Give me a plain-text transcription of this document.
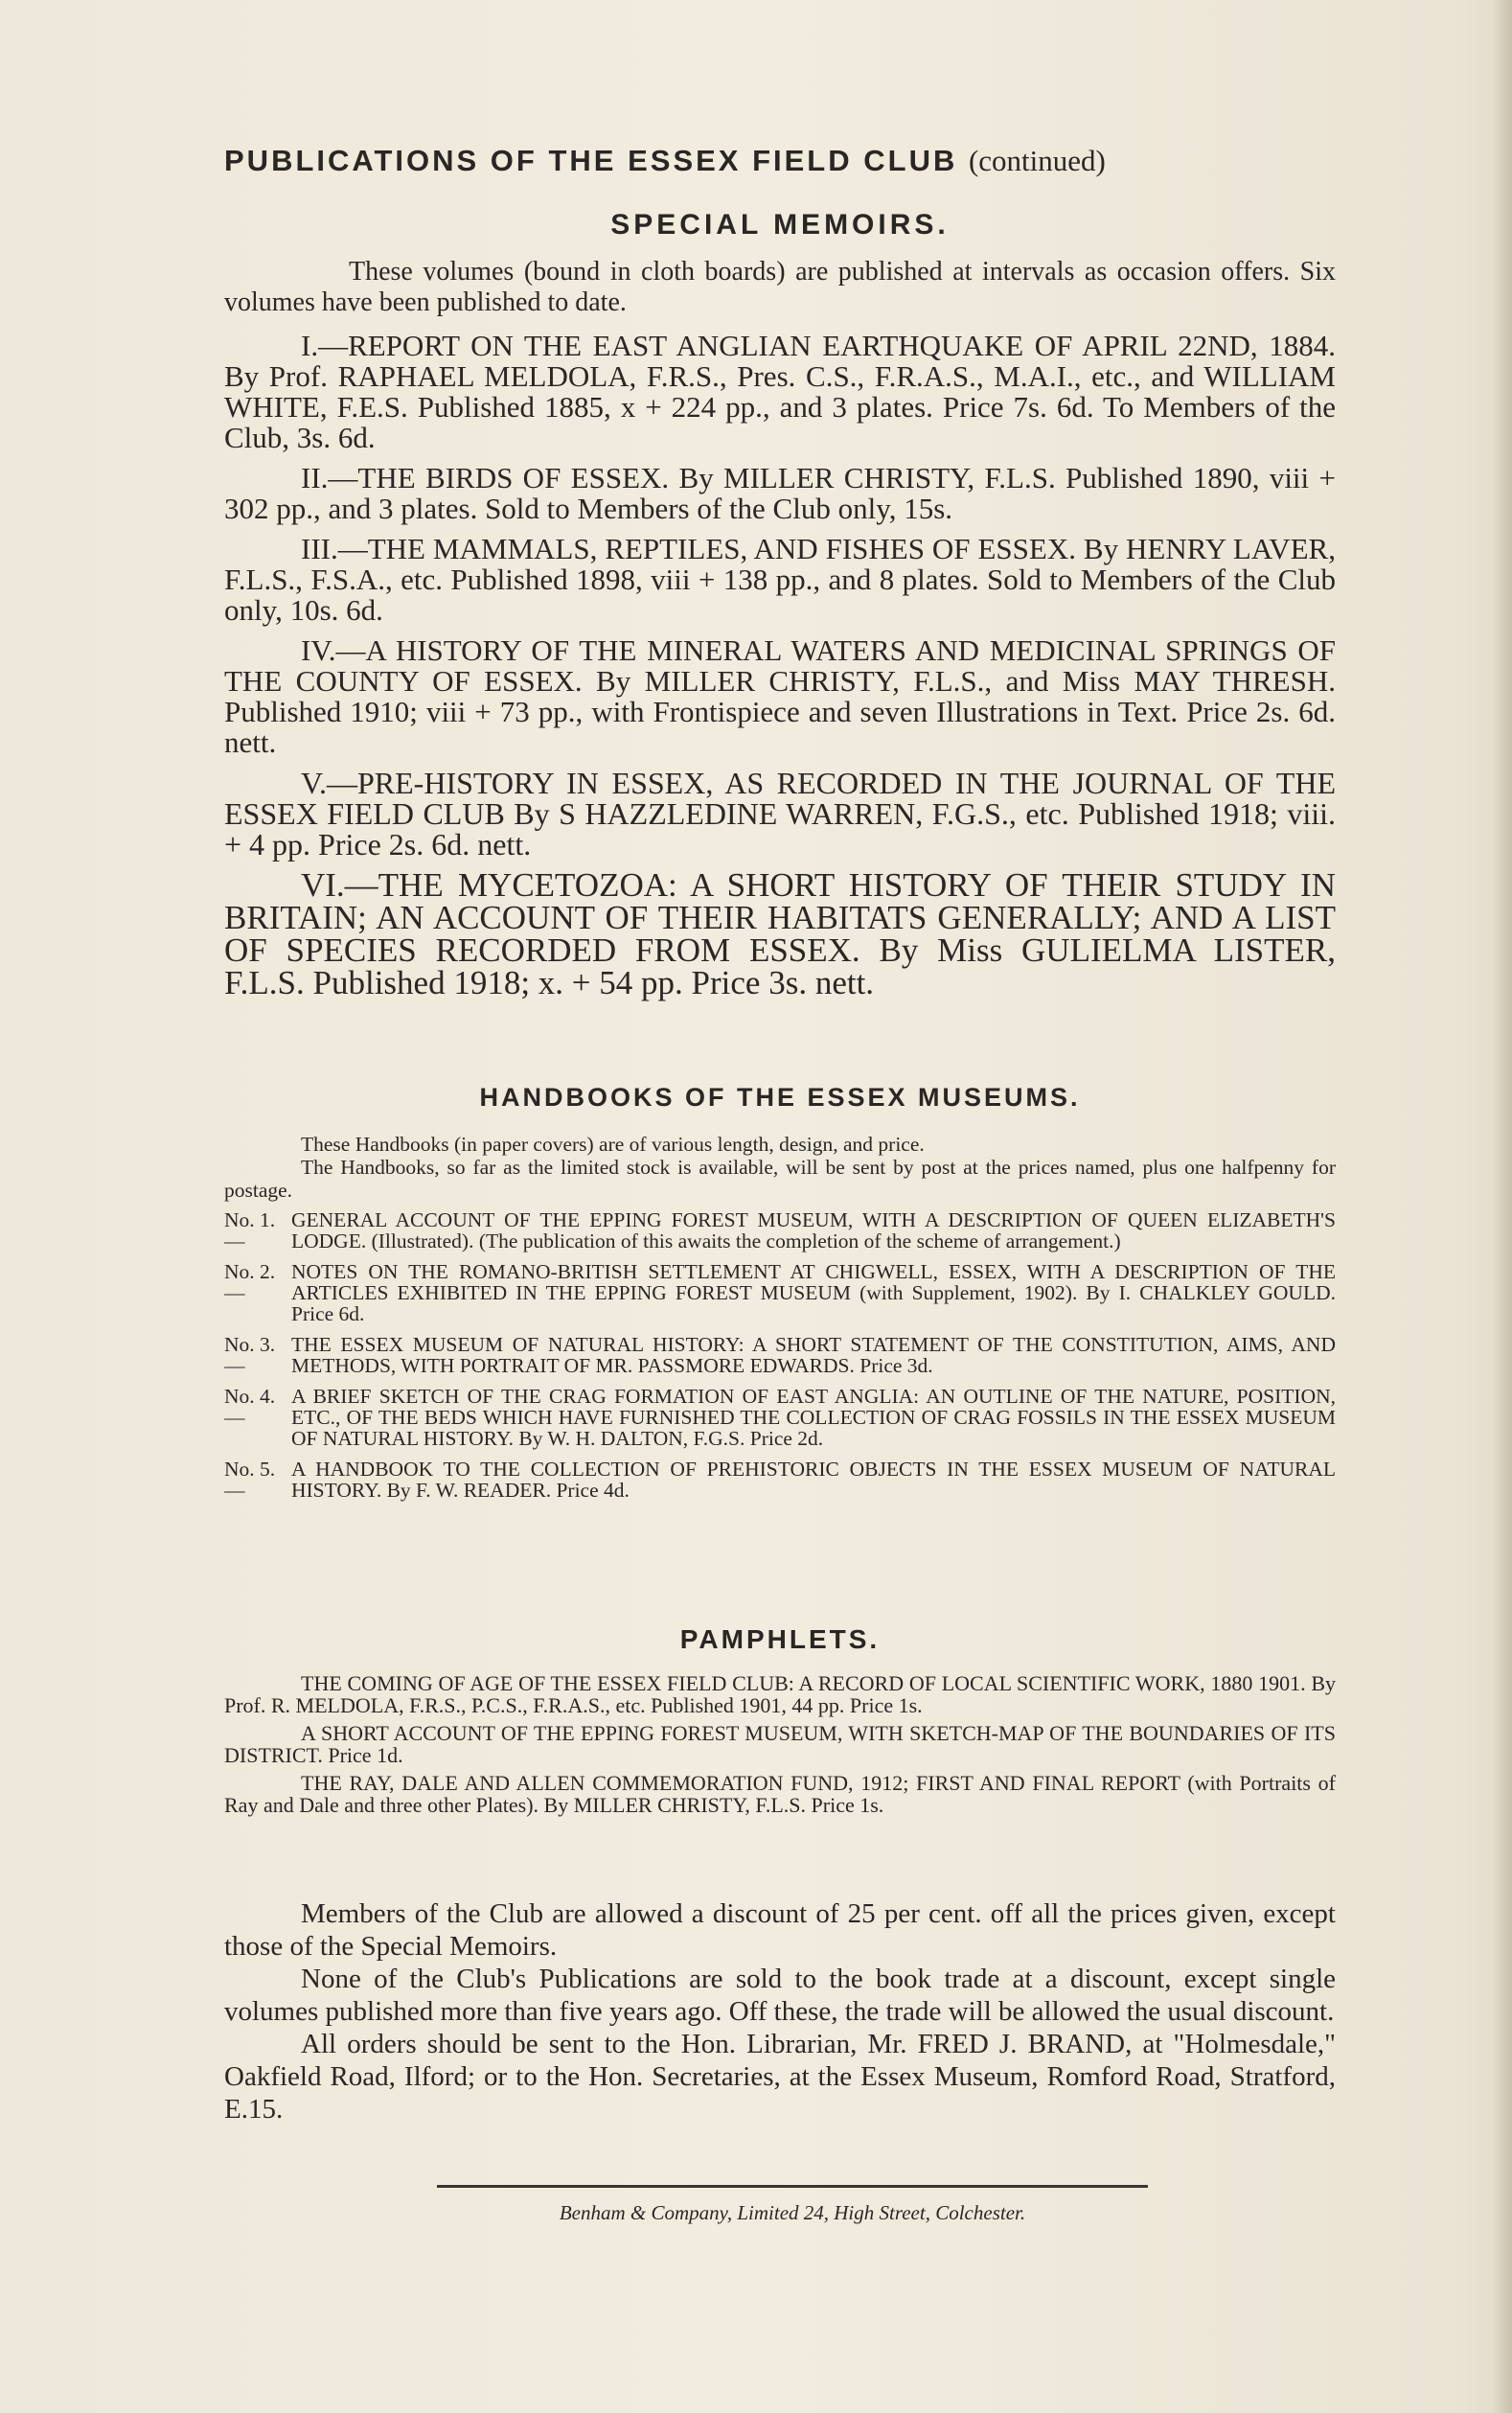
PUBLICATIONS OF THE ESSEX FIELD CLUB (continued)
SPECIAL MEMOIRS.

These volumes (bound in cloth boards) are published at intervals as occasion offers. Six volumes have been published to date.

I.—REPORT ON THE EAST ANGLIAN EARTHQUAKE OF APRIL 22ND, 1884. By Prof. RAPHAEL MELDOLA, F.R.S., Pres. C.S., F.R.A.S., M.A.I., etc., and WILLIAM WHITE, F.E.S. Published 1885, x + 224 pp., and 3 plates. Price 7s. 6d. To Members of the Club, 3s. 6d.

II.—THE BIRDS OF ESSEX. By MILLER CHRISTY, F.L.S. Published 1890, viii + 302 pp., and 3 plates. Sold to Members of the Club only, 15s.

III.—THE MAMMALS, REPTILES, AND FISHES OF ESSEX. By HENRY LAVER, F.L.S., F.S.A., etc. Published 1898, viii + 138 pp., and 8 plates. Sold to Members of the Club only, 10s. 6d.

IV.—A HISTORY OF THE MINERAL WATERS AND MEDICINAL SPRINGS OF THE COUNTY OF ESSEX. By MILLER CHRISTY, F.L.S., and Miss MAY THRESH. Published 1910; viii + 73 pp., with Frontispiece and seven Illustrations in Text. Price 2s. 6d. nett.

V.—PRE-HISTORY IN ESSEX, AS RECORDED IN THE JOURNAL OF THE ESSEX FIELD CLUB By S HAZZLEDINE WARREN, F.G.S., etc. Published 1918; viii. + 4 pp. Price 2s. 6d. nett.

VI.—THE MYCETOZOA: A SHORT HISTORY OF THEIR STUDY IN BRITAIN; AN ACCOUNT OF THEIR HABITATS GENERALLY; AND A LIST OF SPECIES RECORDED FROM ESSEX. By Miss GULIELMA LISTER, F.L.S. Published 1918; x. + 54 pp. Price 3s. nett.

HANDBOOKS OF THE ESSEX MUSEUMS.

These Handbooks (in paper covers) are of various length, design, and price.

The Handbooks, so far as the limited stock is available, will be sent by post at the prices named, plus one halfpenny for postage.

No. 1.—
GENERAL ACCOUNT OF THE EPPING FOREST MUSEUM, WITH A DESCRIPTION OF QUEEN ELIZABETH'S LODGE. (Illustrated). (The publication of this awaits the completion of the scheme of arrangement.)
No. 2.—
NOTES ON THE ROMANO-BRITISH SETTLEMENT AT CHIGWELL, ESSEX, WITH A DESCRIPTION OF THE ARTICLES EXHIBITED IN THE EPPING FOREST MUSEUM (with Supplement, 1902). By I. CHALKLEY GOULD. Price 6d.
No. 3.—
THE ESSEX MUSEUM OF NATURAL HISTORY: A SHORT STATEMENT OF THE CONSTITUTION, AIMS, AND METHODS, WITH PORTRAIT OF MR. PASSMORE EDWARDS. Price 3d.
No. 4.—
A BRIEF SKETCH OF THE CRAG FORMATION OF EAST ANGLIA: AN OUTLINE OF THE NATURE, POSITION, ETC., OF THE BEDS WHICH HAVE FURNISHED THE COLLECTION OF CRAG FOSSILS IN THE ESSEX MUSEUM OF NATURAL HISTORY. By W. H. DALTON, F.G.S. Price 2d.
No. 5.—
A HANDBOOK TO THE COLLECTION OF PREHISTORIC OBJECTS IN THE ESSEX MUSEUM OF NATURAL HISTORY. By F. W. READER. Price 4d.
PAMPHLETS.

THE COMING OF AGE OF THE ESSEX FIELD CLUB: A RECORD OF LOCAL SCIENTIFIC WORK, 1880 1901. By Prof. R. MELDOLA, F.R.S., P.C.S., F.R.A.S., etc. Published 1901, 44 pp. Price 1s.

A SHORT ACCOUNT OF THE EPPING FOREST MUSEUM, WITH SKETCH-MAP OF THE BOUNDARIES OF ITS DISTRICT. Price 1d.

THE RAY, DALE AND ALLEN COMMEMORATION FUND, 1912; FIRST AND FINAL REPORT (with Portraits of Ray and Dale and three other Plates). By MILLER CHRISTY, F.L.S. Price 1s.

Members of the Club are allowed a discount of 25 per cent. off all the prices given, except those of the Special Memoirs.

None of the Club's Publications are sold to the book trade at a discount, except single volumes published more than five years ago. Off these, the trade will be allowed the usual discount.

All orders should be sent to the Hon. Librarian, Mr. FRED J. BRAND, at "Holmesdale," Oakfield Road, Ilford; or to the Hon. Secretaries, at the Essex Museum, Romford Road, Stratford, E.15.

Benham & Company, Limited 24, High Street, Colchester.
